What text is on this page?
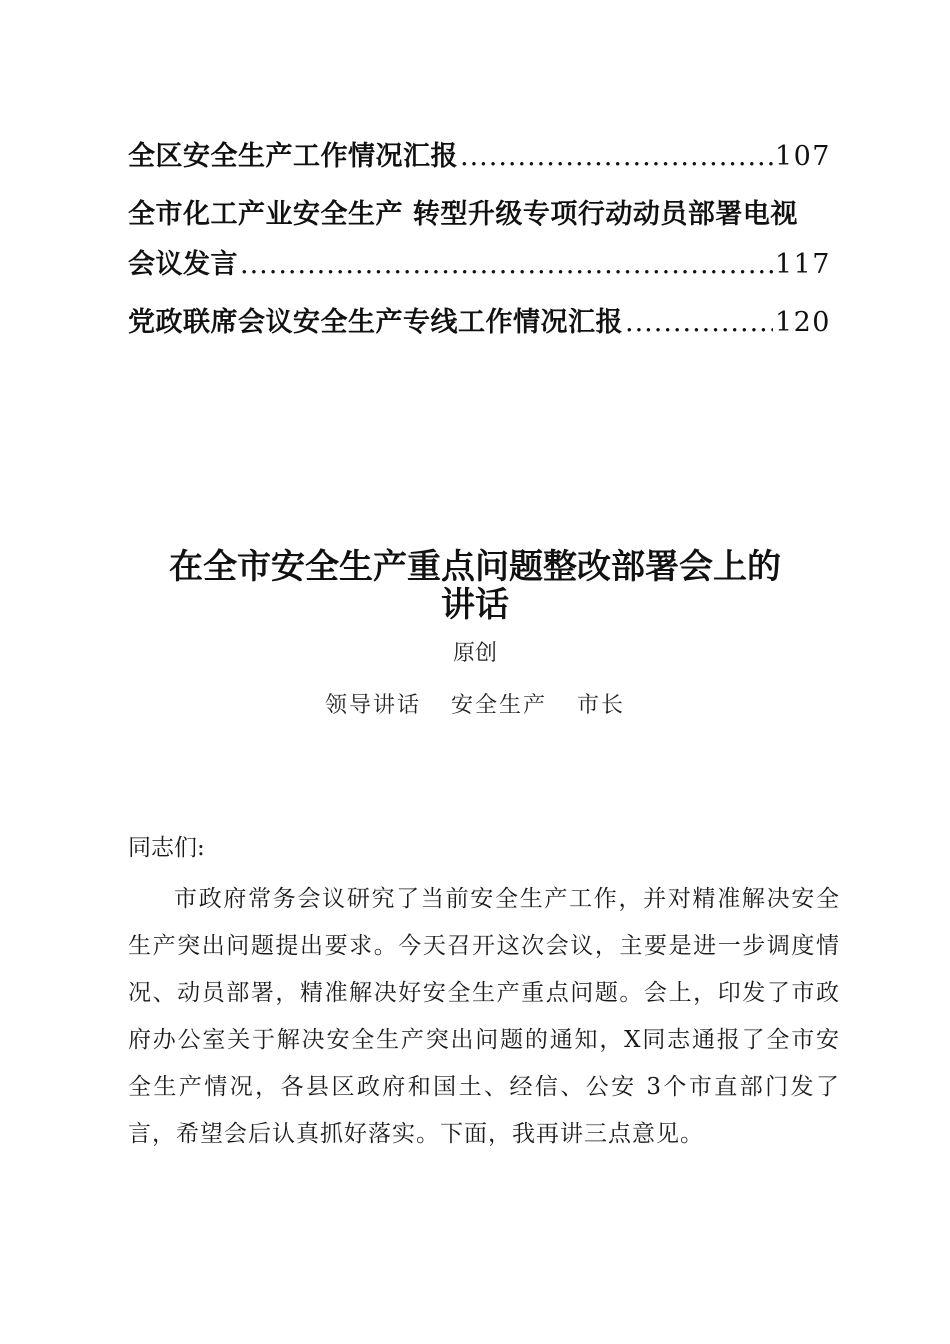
全区安全生产工作情况汇报 .....	107
全市化工产业安全生产 转型升级专项行动动员部署电视
会议发言 .....	117
党政联席会议安全生产专线工作情况汇报 .....	120
在全市安全生产重点问题整改部署会上的
讲话
原创
领导讲话 安全生产 市长
同志们:
市政府常务会议研究了当前安全生产工作，并对精准解决安全生产突出问题提出要求。今天召开这次会议，主要是进一步调度情况、动员部署，精准解决好安全生产重点问题。会上，印发了市政府办公室关于解决安全生产突出问题的通知，X同志通报了全市安全生产情况，各县区政府和国土、经信、公安 3个市直部门发了言，希望会后认真抓好落实。下面，我再讲三点意见。
